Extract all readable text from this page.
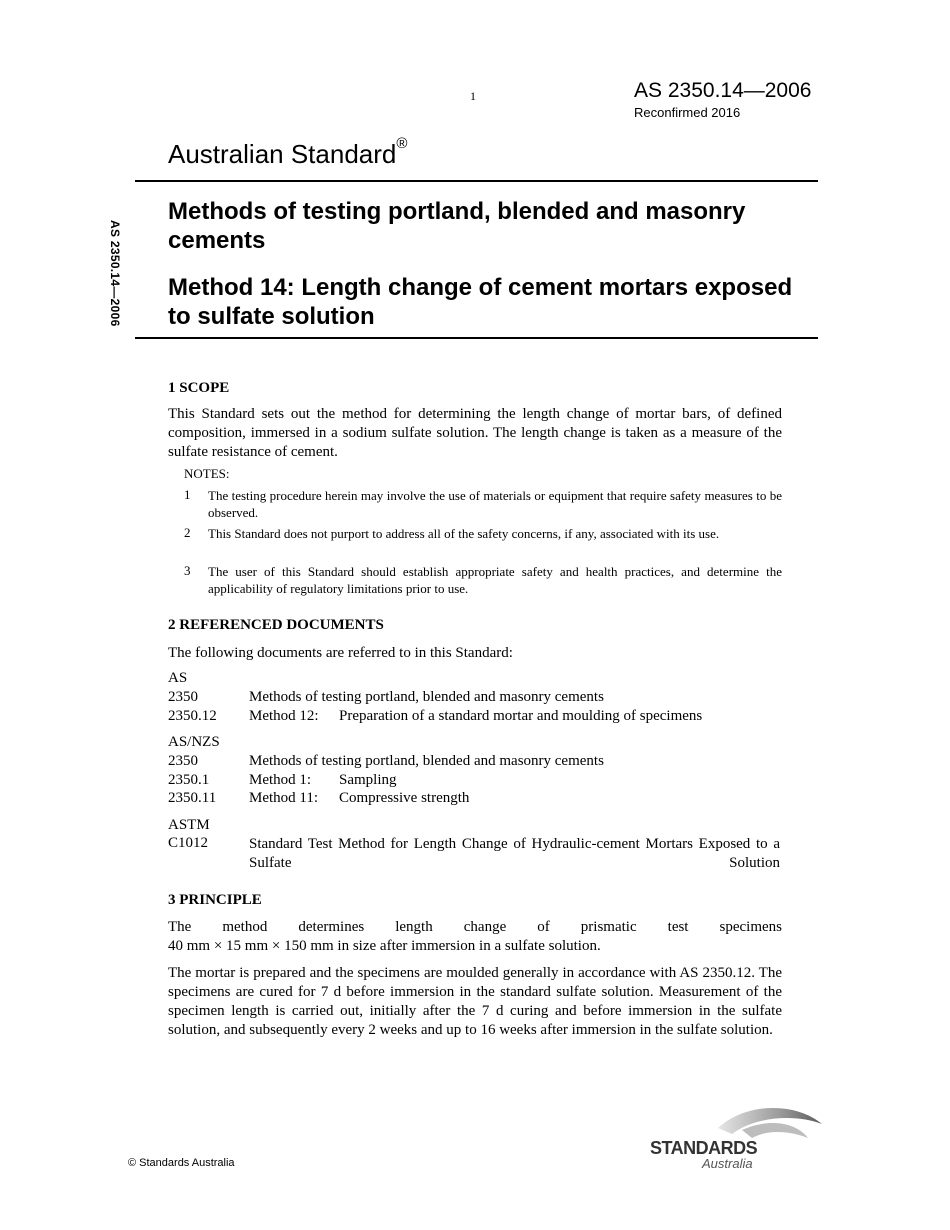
1	AS 2350.14—2006
Reconfirmed 2016
AS 2350.14—2006
Australian Standard®
Methods of testing portland, blended and masonry cements
Method 14: Length change of cement mortars exposed to sulfate solution
1 SCOPE
This Standard sets out the method for determining the length change of mortar bars, of defined composition, immersed in a sodium sulfate solution. The length change is taken as a measure of the sulfate resistance of cement.
NOTES:
1 The testing procedure herein may involve the use of materials or equipment that require safety measures to be observed.
2 This Standard does not purport to address all of the safety concerns, if any, associated with its use.
3 The user of this Standard should establish appropriate safety and health practices, and determine the applicability of regulatory limitations prior to use.
2 REFERENCED DOCUMENTS
The following documents are referred to in this Standard:
AS
2350	Methods of testing portland, blended and masonry cements
2350.12 Method 12: Preparation of a standard mortar and moulding of specimens
AS/NZS
2350	Methods of testing portland, blended and masonry cements
2350.1	Method 1: Sampling
2350.11 Method 11: Compressive strength
ASTM
C1012	Standard Test Method for Length Change of Hydraulic-cement Mortars Exposed to a Sulfate Solution
3 PRINCIPLE
The method determines length change of prismatic test specimens
40 mm × 15 mm × 150 mm in size after immersion in a sulfate solution.
The mortar is prepared and the specimens are moulded generally in accordance with AS 2350.12. The specimens are cured for 7 d before immersion in the standard sulfate solution. Measurement of the specimen length is carried out, initially after the 7 d curing and before immersion in the sulfate solution, and subsequently every 2 weeks and up to 16 weeks after immersion in the sulfate solution.
© Standards Australia
STANDARDS
Australia
